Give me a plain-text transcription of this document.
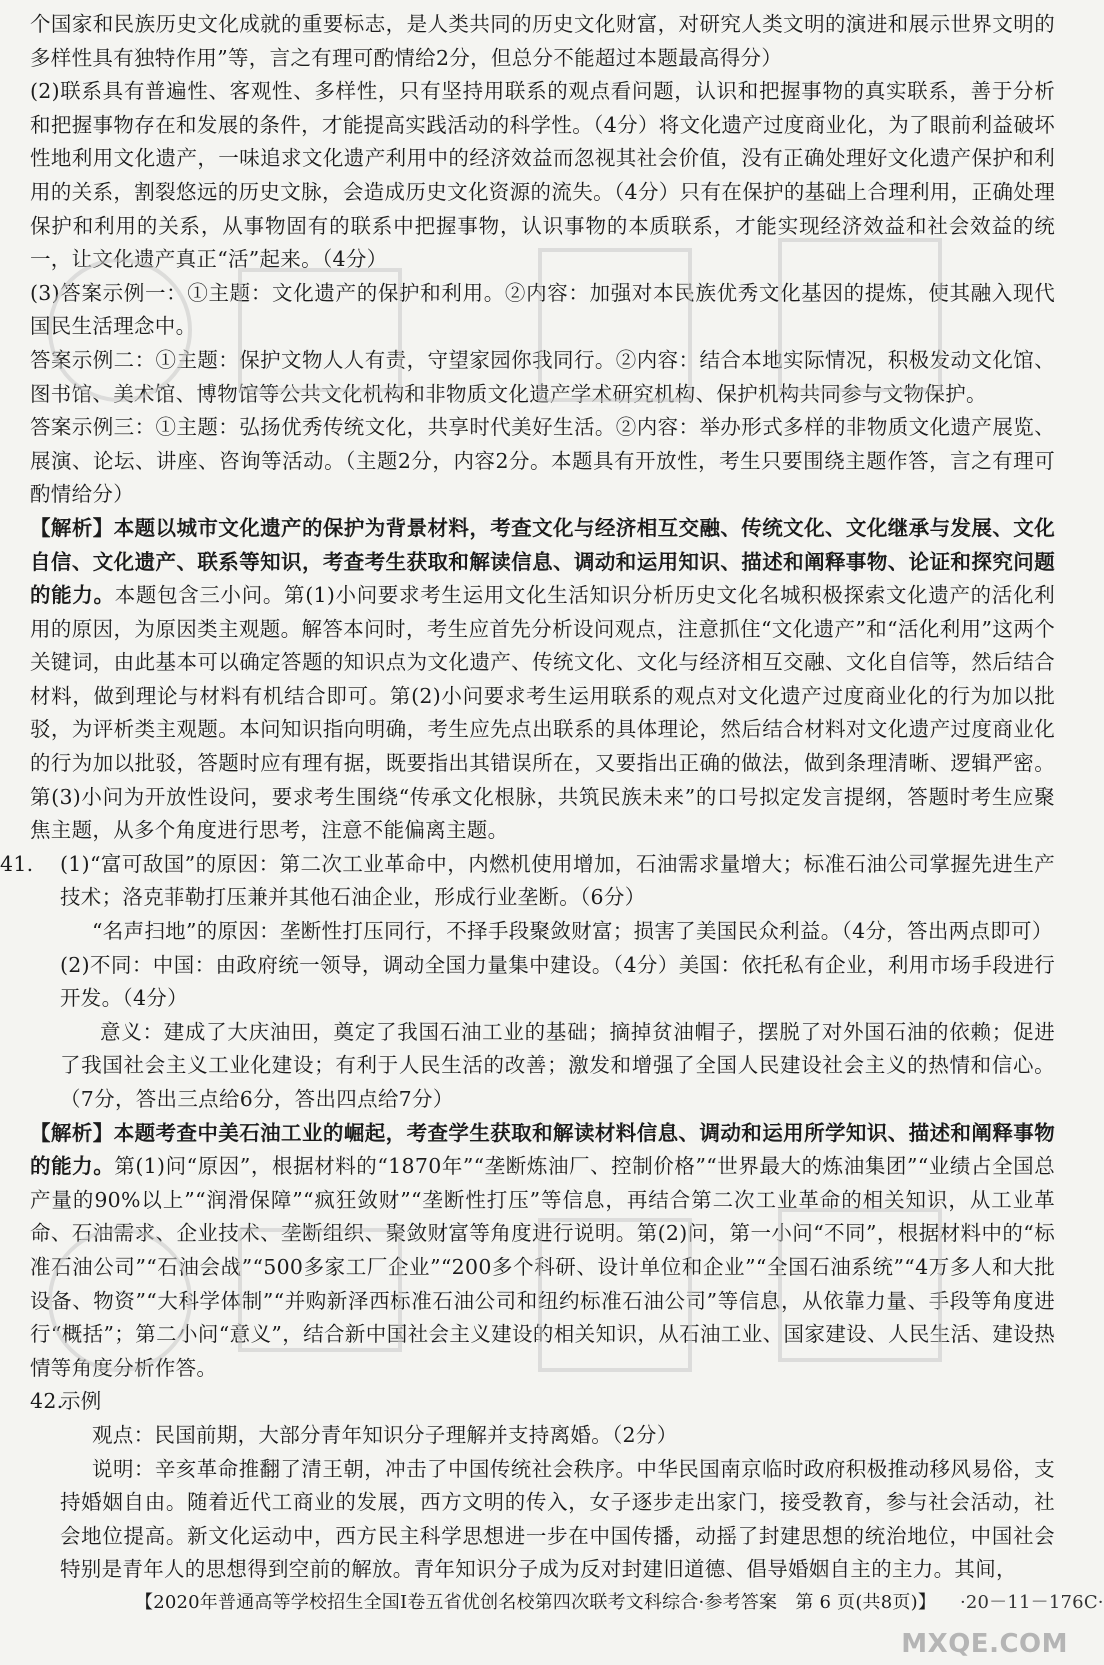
个国家和民族历史文化成就的重要标志，是人类共同的历史文化财富，对研究人类文明的演进和展示世界文明的多样性具有独特作用”等，言之有理可酌情给2分，但总分不能超过本题最高得分）

(2)联系具有普遍性、客观性、多样性，只有坚持用联系的观点看问题，认识和把握事物的真实联系，善于分析和把握事物存在和发展的条件，才能提高实践活动的科学性。（4分）将文化遗产过度商业化，为了眼前利益破坏性地利用文化遗产，一味追求文化遗产利用中的经济效益而忽视其社会价值，没有正确处理好文化遗产保护和利用的关系，割裂悠远的历史文脉，会造成历史文化资源的流失。（4分）只有在保护的基础上合理利用，正确处理保护和利用的关系，从事物固有的联系中把握事物，认识事物的本质联系，才能实现经济效益和社会效益的统一，让文化遗产真正“活”起来。（4分）

(3)答案示例一：①主题：文化遗产的保护和利用。②内容：加强对本民族优秀文化基因的提炼，使其融入现代国民生活理念中。

答案示例二：①主题：保护文物人人有责，守望家园你我同行。②内容：结合本地实际情况，积极发动文化馆、图书馆、美术馆、博物馆等公共文化机构和非物质文化遗产学术研究机构、保护机构共同参与文物保护。

答案示例三：①主题：弘扬优秀传统文化，共享时代美好生活。②内容：举办形式多样的非物质文化遗产展览、展演、论坛、讲座、咨询等活动。（主题2分，内容2分。本题具有开放性，考生只要围绕主题作答，言之有理可酌情给分）

【解析】本题以城市文化遗产的保护为背景材料，考查文化与经济相互交融、传统文化、文化继承与发展、文化自信、文化遗产、联系等知识，考查考生获取和解读信息、调动和运用知识、描述和阐释事物、论证和探究问题的能力。本题包含三小问。第(1)小问要求考生运用文化生活知识分析历史文化名城积极探索文化遗产的活化利用的原因，为原因类主观题。解答本问时，考生应首先分析设问观点，注意抓住“文化遗产”和“活化利用”这两个关键词，由此基本可以确定答题的知识点为文化遗产、传统文化、文化与经济相互交融、文化自信等，然后结合材料，做到理论与材料有机结合即可。第(2)小问要求考生运用联系的观点对文化遗产过度商业化的行为加以批驳，为评析类主观题。本问知识指向明确，考生应先点出联系的具体理论，然后结合材料对文化遗产过度商业化的行为加以批驳，答题时应有理有据，既要指出其错误所在，又要指出正确的做法，做到条理清晰、逻辑严密。第(3)小问为开放性设问，要求考生围绕“传承文化根脉，共筑民族未来”的口号拟定发言提纲，答题时考生应聚焦主题，从多个角度进行思考，注意不能偏离主题。

41. (1)“富可敌国”的原因：第二次工业革命中，内燃机使用增加，石油需求量增大；标准石油公司掌握先进生产技术；洛克菲勒打压兼并其他石油企业，形成行业垄断。（6分）

“名声扫地”的原因：垄断性打压同行，不择手段聚敛财富；损害了美国民众利益。（4分，答出两点即可）

(2)不同：中国：由政府统一领导，调动全国力量集中建设。（4分）美国：依托私有企业，利用市场手段进行开发。（4分）

意义：建成了大庆油田，奠定了我国石油工业的基础；摘掉贫油帽子，摆脱了对外国石油的依赖；促进了我国社会主义工业化建设；有利于人民生活的改善；激发和增强了全国人民建设社会主义的热情和信心。（7分，答出三点给6分，答出四点给7分）

【解析】本题考查中美石油工业的崛起，考查学生获取和解读材料信息、调动和运用所学知识、描述和阐释事物的能力。第(1)问“原因”，根据材料的“1870年”“垄断炼油厂、控制价格”“世界最大的炼油集团”“业绩占全国总产量的90%以上”“润滑保障”“疯狂敛财”“垄断性打压”等信息，再结合第二次工业革命的相关知识，从工业革命、石油需求、企业技术、垄断组织、聚敛财富等角度进行说明。第(2)问，第一小问“不同”，根据材料中的“标准石油公司”“石油会战”“500多家工厂企业”“200多个科研、设计单位和企业”“全国石油系统”“4万多人和大批设备、物资”“大科学体制”“并购新泽西标准石油公司和纽约标准石油公司”等信息，从依靠力量、手段等角度进行“概括”；第二小问“意义”，结合新中国社会主义建设的相关知识，从石油工业、国家建设、人民生活、建设热情等角度分析作答。

42.示例

观点：民国前期，大部分青年知识分子理解并支持离婚。（2分）

说明：辛亥革命推翻了清王朝，冲击了中国传统社会秩序。中华民国南京临时政府积极推动移风易俗，支持婚姻自由。随着近代工商业的发展，西方文明的传入，女子逐步走出家门，接受教育，参与社会活动，社会地位提高。新文化运动中，西方民主科学思想进一步在中国传播，动摇了封建思想的统治地位，中国社会特别是青年人的思想得到空前的解放。青年知识分子成为反对封建旧道德、倡导婚姻自主的主力。其间，

【2020年普通高等学校招生全国Ⅰ卷五省优创名校第四次联考文科综合·参考答案　第 6 页(共8页)】 ·20－11－176C·
MXQE.COM
